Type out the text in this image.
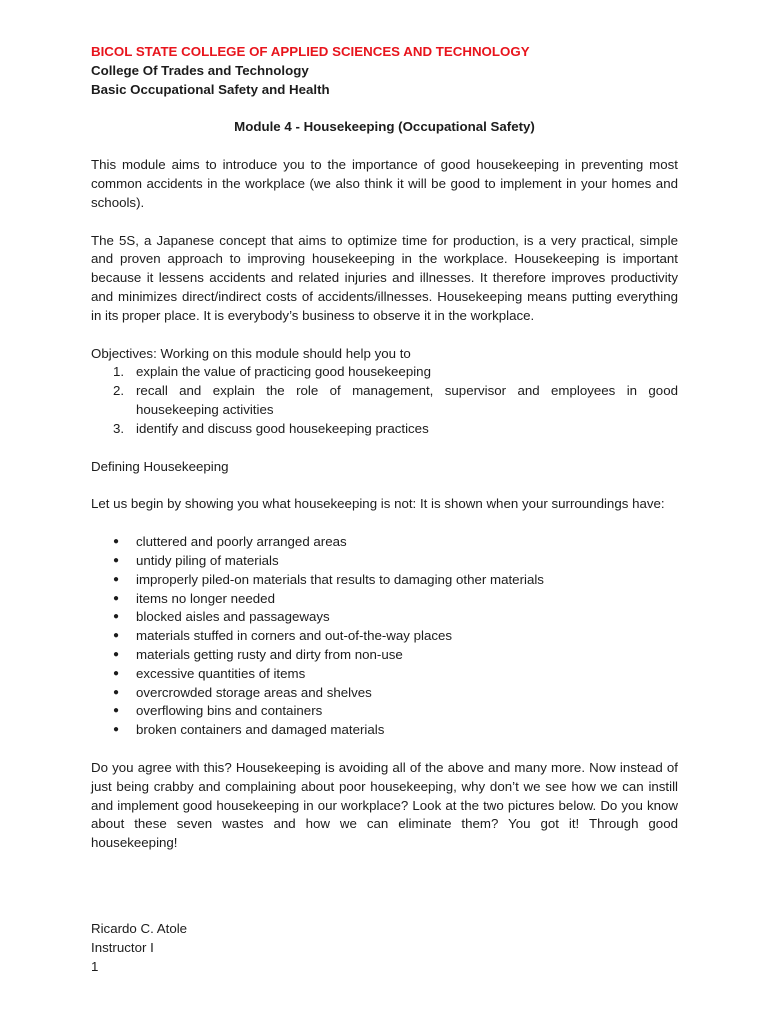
BICOL STATE COLLEGE OF APPLIED SCIENCES AND TECHNOLOGY
College Of Trades and Technology
Basic Occupational Safety and Health
Module 4 - Housekeeping (Occupational Safety)

This module aims to introduce you to the importance of good housekeeping in preventing most common accidents in the workplace (we also think it will be good to implement in your homes and schools).

The 5S, a Japanese concept that aims to optimize time for production, is a very practical, simple and proven approach to improving housekeeping in the workplace. Housekeeping is important because it lessens accidents and related injuries and illnesses. It therefore improves productivity and minimizes direct/indirect costs of accidents/illnesses. Housekeeping means putting everything in its proper place. It is everybody’s business to observe it in the workplace.

Objectives: Working on this module should help you to
1. explain the value of practicing good housekeeping
2. recall and explain the role of management, supervisor and employees in good housekeeping activities
3. identify and discuss good housekeeping practices
Defining Housekeeping

Let us begin by showing you what housekeeping is not: It is shown when your surroundings have:

● cluttered and poorly arranged areas
● untidy piling of materials
● improperly piled-on materials that results to damaging other materials
● items no longer needed
● blocked aisles and passageways
● materials stuffed in corners and out-of-the-way places
● materials getting rusty and dirty from non-use
● excessive quantities of items
● overcrowded storage areas and shelves
● overflowing bins and containers
● broken containers and damaged materials

Do you agree with this? Housekeeping is avoiding all of the above and many more. Now instead of just being crabby and complaining about poor housekeeping, why don’t we see how we can instill and implement good housekeeping in our workplace? Look at the two pictures below. Do you know about these seven wastes and how we can eliminate them? You got it! Through good housekeeping!

Ricardo C. Atole
Instructor I
1
